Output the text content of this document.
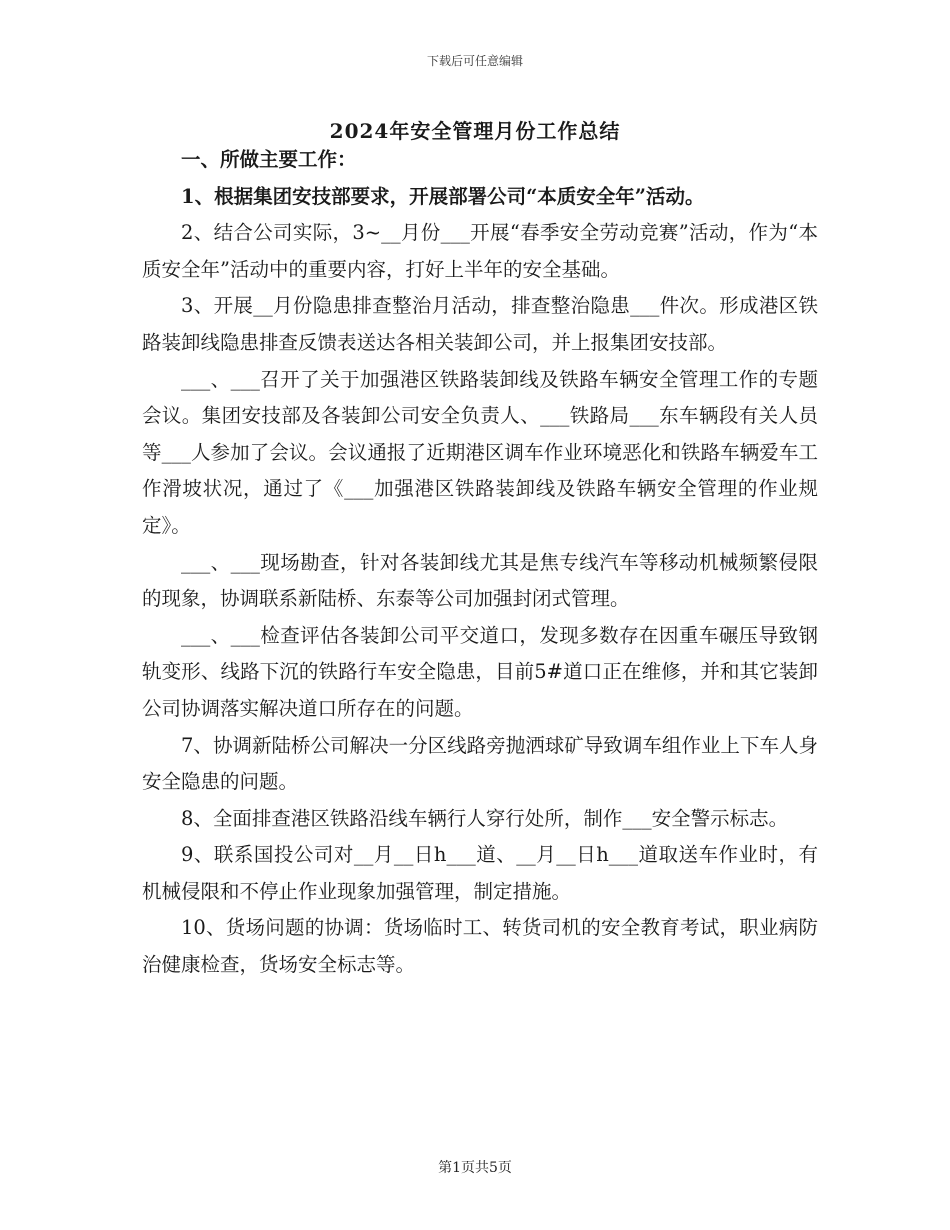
下载后可任意编辑
2024年安全管理月份工作总结

一、所做主要工作：

1、根据集团安技部要求，开展部署公司“本质安全年”活动。

2、结合公司实际，3~__月份___开展“春季安全劳动竞赛”活动，作为“本质安全年”活动中的重要内容，打好上半年的安全基础。

3、开展__月份隐患排查整治月活动，排查整治隐患___件次。形成港区铁路装卸线隐患排查反馈表送达各相关装卸公司，并上报集团安技部。

___、___召开了关于加强港区铁路装卸线及铁路车辆安全管理工作的专题会议。集团安技部及各装卸公司安全负责人、___铁路局___东车辆段有关人员等___人参加了会议。会议通报了近期港区调车作业环境恶化和铁路车辆爱车工作滑坡状况，通过了《___加强港区铁路装卸线及铁路车辆安全管理的作业规定》。

___、___现场勘查，针对各装卸线尤其是焦专线汽车等移动机械频繁侵限的现象，协调联系新陆桥、东泰等公司加强封闭式管理。

___、___检查评估各装卸公司平交道口，发现多数存在因重车碾压导致钢轨变形、线路下沉的铁路行车安全隐患，目前5#道口正在维修，并和其它装卸公司协调落实解决道口所存在的问题。

7、协调新陆桥公司解决一分区线路旁抛洒球矿导致调车组作业上下车人身安全隐患的问题。

8、全面排查港区铁路沿线车辆行人穿行处所，制作___安全警示标志。

9、联系国投公司对__月__日h___道、__月__日h___道取送车作业时，有机械侵限和不停止作业现象加强管理，制定措施。

10、货场问题的协调：货场临时工、转货司机的安全教育考试，职业病防治健康检查，货场安全标志等。

第1页共5页
